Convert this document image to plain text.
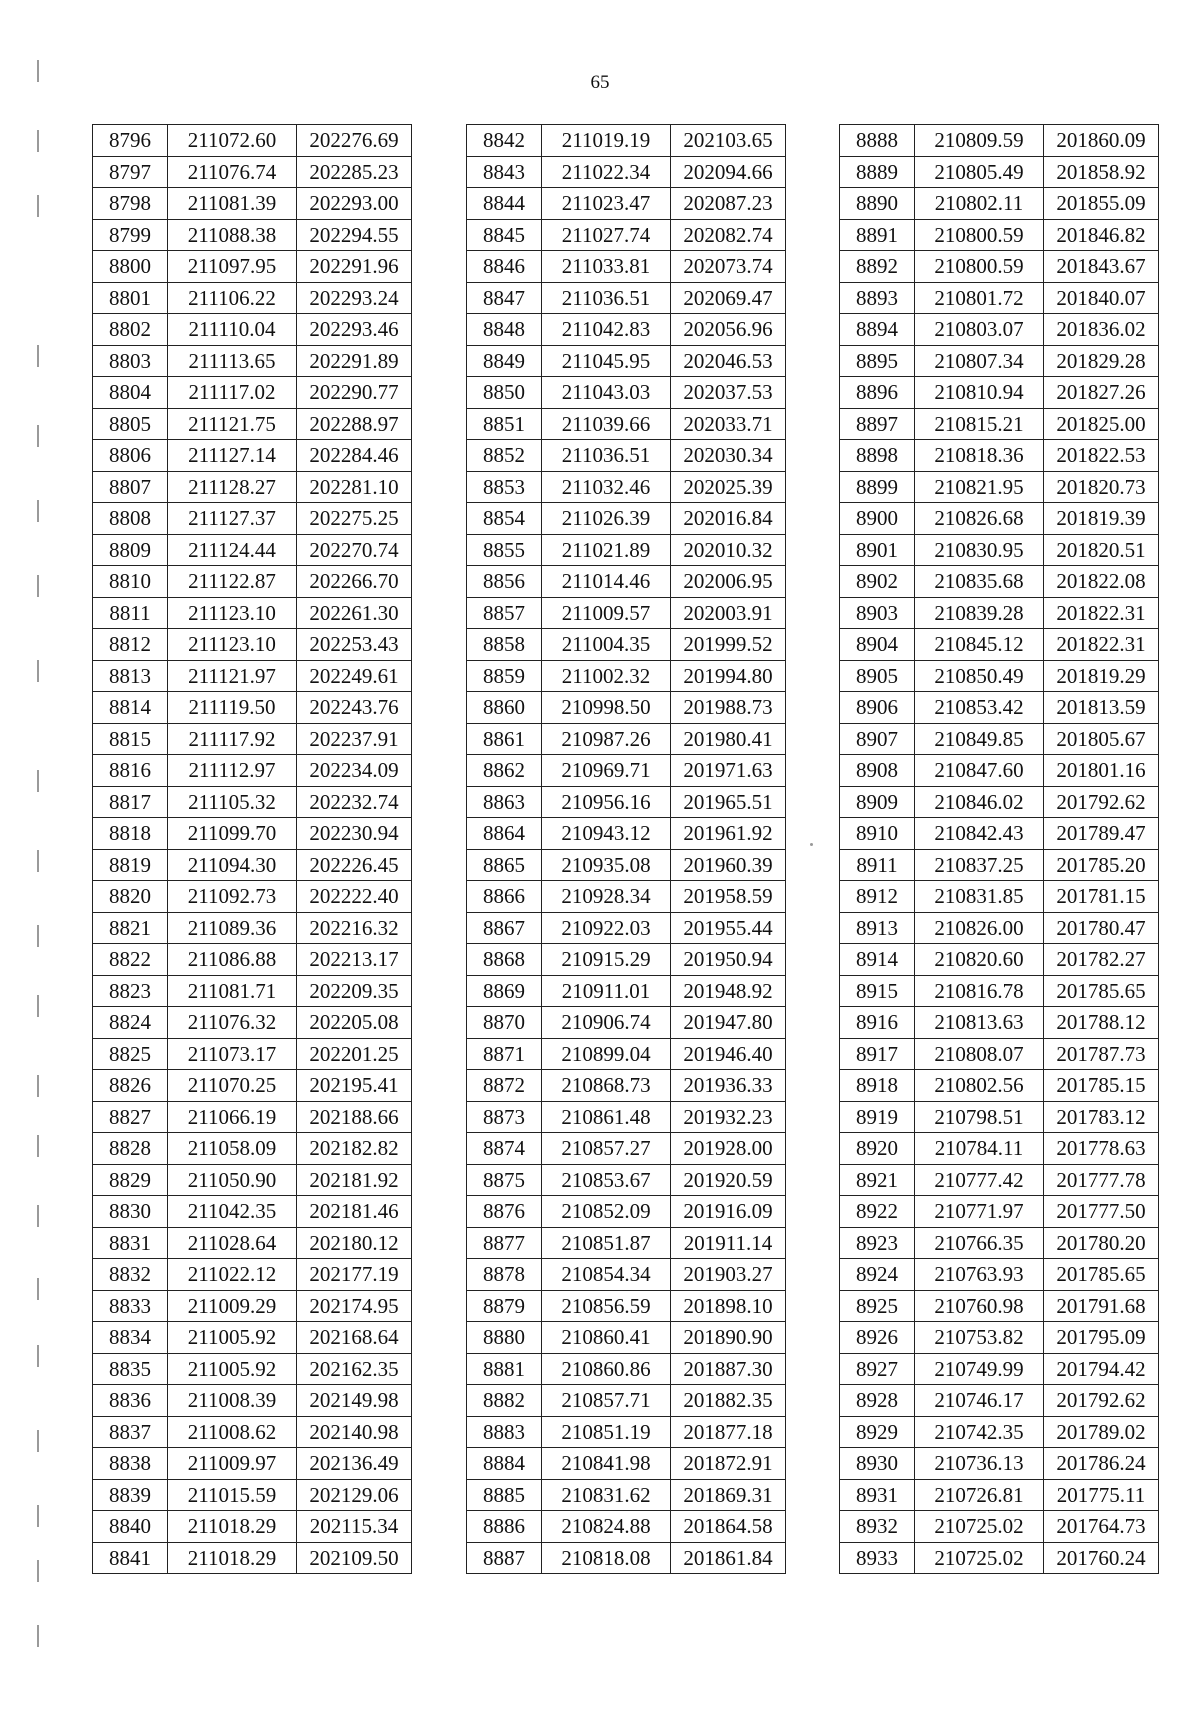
65
8796	211072.60	202276.69
8797	211076.74	202285.23
8798	211081.39	202293.00
8799	211088.38	202294.55
8800	211097.95	202291.96
8801	211106.22	202293.24
8802	211110.04	202293.46
8803	211113.65	202291.89
8804	211117.02	202290.77
8805	211121.75	202288.97
8806	211127.14	202284.46
8807	211128.27	202281.10
8808	211127.37	202275.25
8809	211124.44	202270.74
8810	211122.87	202266.70
8811	211123.10	202261.30
8812	211123.10	202253.43
8813	211121.97	202249.61
8814	211119.50	202243.76
8815	211117.92	202237.91
8816	211112.97	202234.09
8817	211105.32	202232.74
8818	211099.70	202230.94
8819	211094.30	202226.45
8820	211092.73	202222.40
8821	211089.36	202216.32
8822	211086.88	202213.17
8823	211081.71	202209.35
8824	211076.32	202205.08
8825	211073.17	202201.25
8826	211070.25	202195.41
8827	211066.19	202188.66
8828	211058.09	202182.82
8829	211050.90	202181.92
8830	211042.35	202181.46
8831	211028.64	202180.12
8832	211022.12	202177.19
8833	211009.29	202174.95
8834	211005.92	202168.64
8835	211005.92	202162.35
8836	211008.39	202149.98
8837	211008.62	202140.98
8838	211009.97	202136.49
8839	211015.59	202129.06
8840	211018.29	202115.34
8841	211018.29	202109.50
8842	211019.19	202103.65
8843	211022.34	202094.66
8844	211023.47	202087.23
8845	211027.74	202082.74
8846	211033.81	202073.74
8847	211036.51	202069.47
8848	211042.83	202056.96
8849	211045.95	202046.53
8850	211043.03	202037.53
8851	211039.66	202033.71
8852	211036.51	202030.34
8853	211032.46	202025.39
8854	211026.39	202016.84
8855	211021.89	202010.32
8856	211014.46	202006.95
8857	211009.57	202003.91
8858	211004.35	201999.52
8859	211002.32	201994.80
8860	210998.50	201988.73
8861	210987.26	201980.41
8862	210969.71	201971.63
8863	210956.16	201965.51
8864	210943.12	201961.92
8865	210935.08	201960.39
8866	210928.34	201958.59
8867	210922.03	201955.44
8868	210915.29	201950.94
8869	210911.01	201948.92
8870	210906.74	201947.80
8871	210899.04	201946.40
8872	210868.73	201936.33
8873	210861.48	201932.23
8874	210857.27	201928.00
8875	210853.67	201920.59
8876	210852.09	201916.09
8877	210851.87	201911.14
8878	210854.34	201903.27
8879	210856.59	201898.10
8880	210860.41	201890.90
8881	210860.86	201887.30
8882	210857.71	201882.35
8883	210851.19	201877.18
8884	210841.98	201872.91
8885	210831.62	201869.31
8886	210824.88	201864.58
8887	210818.08	201861.84
8888	210809.59	201860.09
8889	210805.49	201858.92
8890	210802.11	201855.09
8891	210800.59	201846.82
8892	210800.59	201843.67
8893	210801.72	201840.07
8894	210803.07	201836.02
8895	210807.34	201829.28
8896	210810.94	201827.26
8897	210815.21	201825.00
8898	210818.36	201822.53
8899	210821.95	201820.73
8900	210826.68	201819.39
8901	210830.95	201820.51
8902	210835.68	201822.08
8903	210839.28	201822.31
8904	210845.12	201822.31
8905	210850.49	201819.29
8906	210853.42	201813.59
8907	210849.85	201805.67
8908	210847.60	201801.16
8909	210846.02	201792.62
8910	210842.43	201789.47
8911	210837.25	201785.20
8912	210831.85	201781.15
8913	210826.00	201780.47
8914	210820.60	201782.27
8915	210816.78	201785.65
8916	210813.63	201788.12
8917	210808.07	201787.73
8918	210802.56	201785.15
8919	210798.51	201783.12
8920	210784.11	201778.63
8921	210777.42	201777.78
8922	210771.97	201777.50
8923	210766.35	201780.20
8924	210763.93	201785.65
8925	210760.98	201791.68
8926	210753.82	201795.09
8927	210749.99	201794.42
8928	210746.17	201792.62
8929	210742.35	201789.02
8930	210736.13	201786.24
8931	210726.81	201775.11
8932	210725.02	201764.73
8933	210725.02	201760.24
